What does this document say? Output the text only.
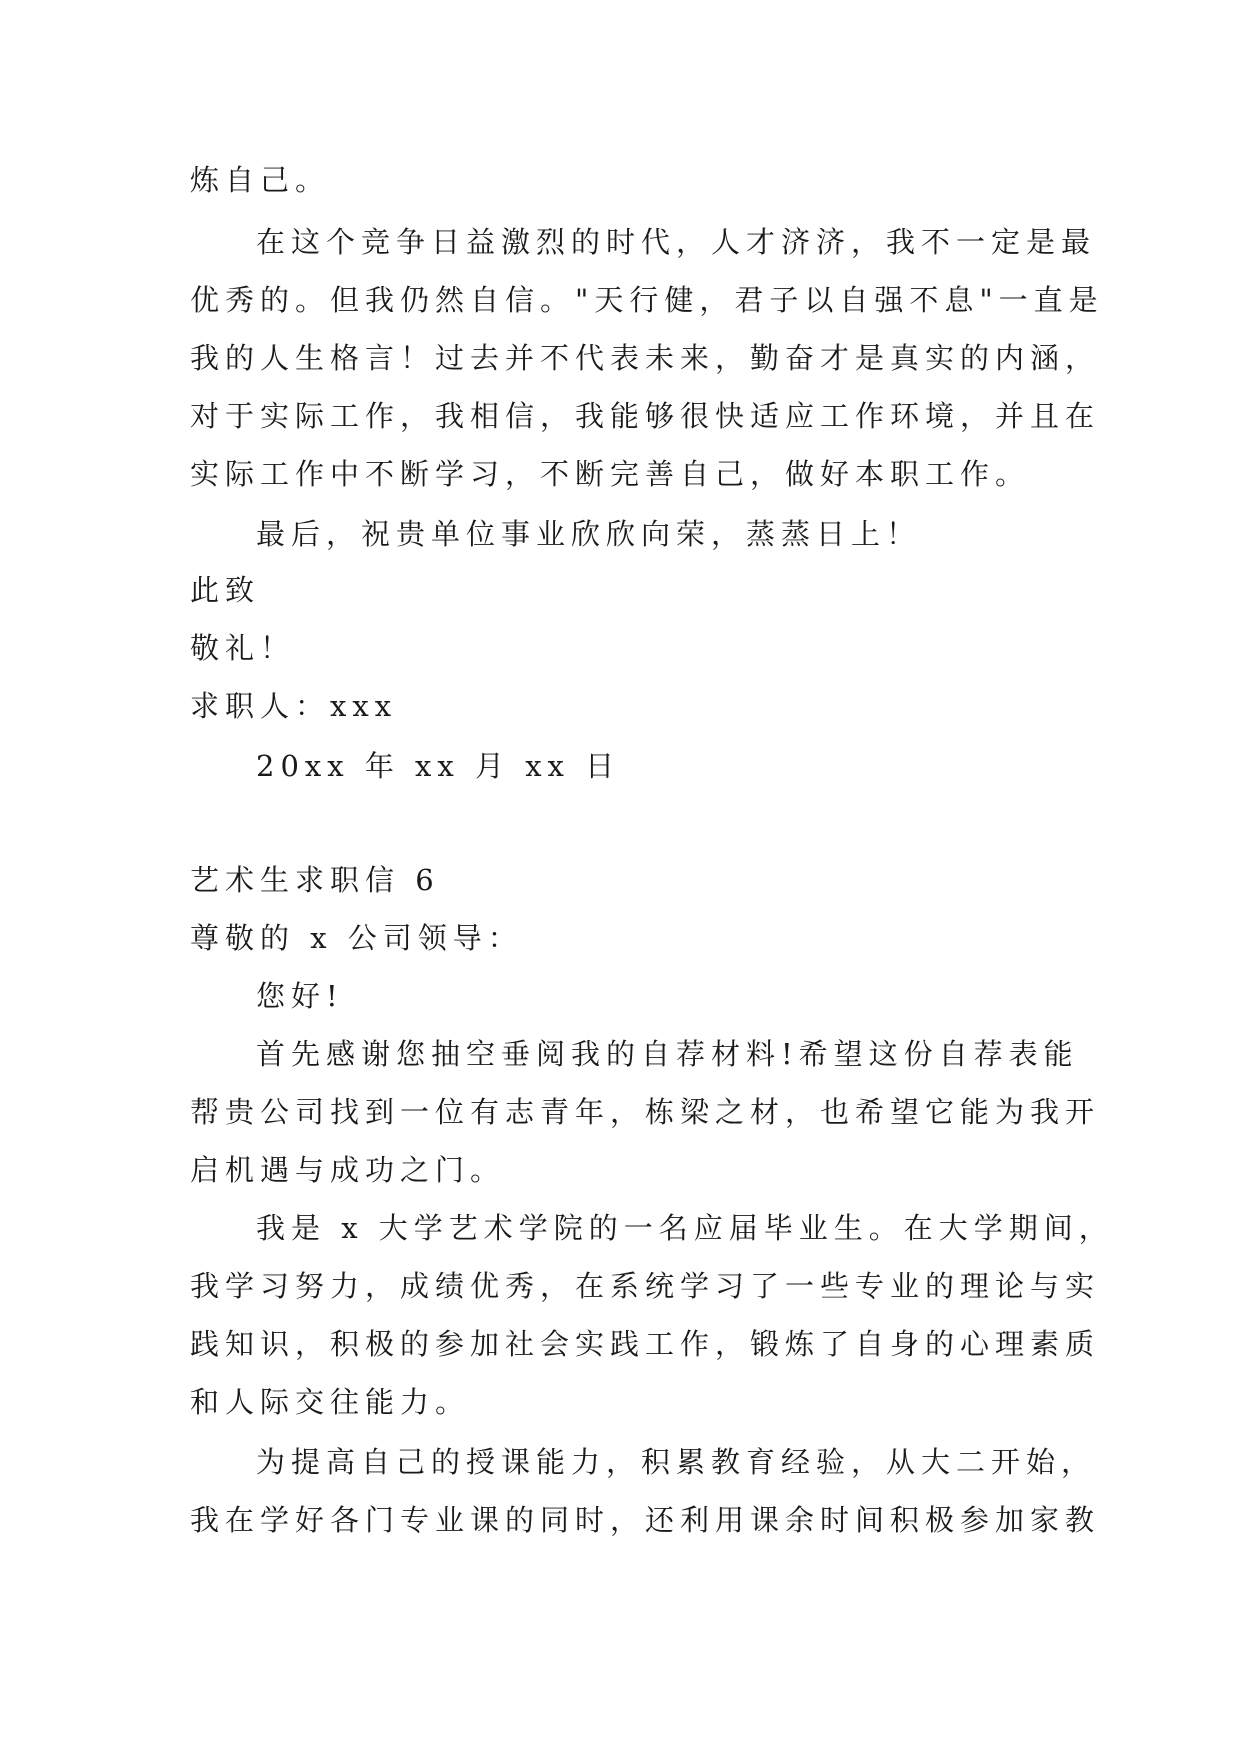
炼自己。
在这个竞争日益激烈的时代，人才济济，我不一定是最
优秀的。但我仍然自信。"天行健，君子以自强不息"一直是
我的人生格言！过去并不代表未来，勤奋才是真实的内涵，
对于实际工作，我相信，我能够很快适应工作环境，并且在
实际工作中不断学习，不断完善自己，做好本职工作。
最后，祝贵单位事业欣欣向荣，蒸蒸日上！
此致
敬礼！
求职人：xxx
20xx 年 xx 月 xx 日
艺术生求职信 6
尊敬的 x 公司领导：
您好!
首先感谢您抽空垂阅我的自荐材料!希望这份自荐表能
帮贵公司找到一位有志青年，栋梁之材，也希望它能为我开
启机遇与成功之门。
我是 x 大学艺术学院的一名应届毕业生。在大学期间，
我学习努力，成绩优秀，在系统学习了一些专业的理论与实
践知识，积极的参加社会实践工作，锻炼了自身的心理素质
和人际交往能力。
为提高自己的授课能力，积累教育经验，从大二开始，
我在学好各门专业课的同时，还利用课余时间积极参加家教
